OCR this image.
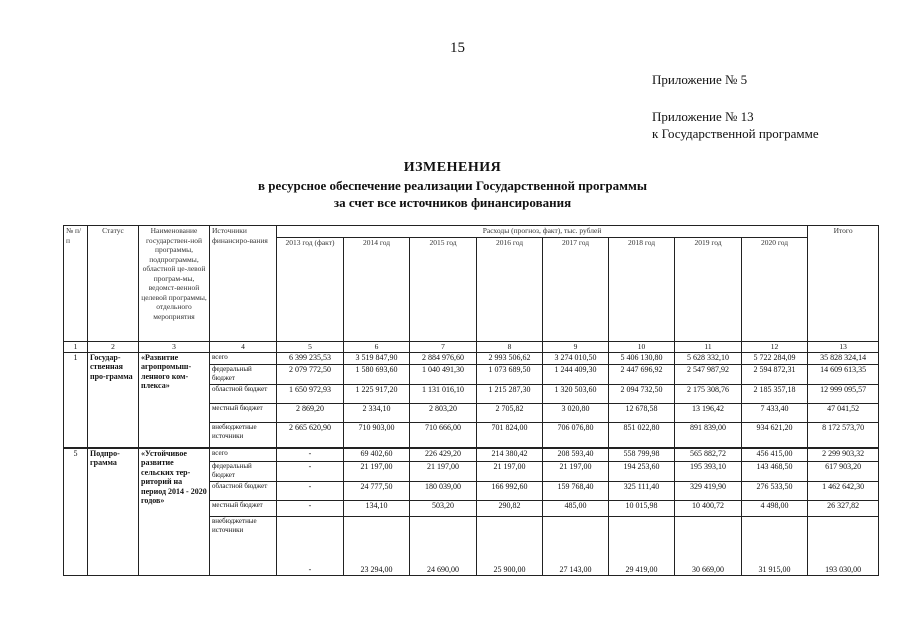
15
Приложение № 5
Приложение № 13
к Государственной программе
ИЗМЕНЕНИЯ
в ресурсное обеспечение реализации Государственной программы
за счет все источников финансирования
№ п/п	Статус	Наименование государствен-ной программы, подпрограммы, областной це-левой програм-мы, ведомст-венной целевой программы, отдельного мероприятия	Источники финансиро-вания	Расходы (прогноз, факт), тыс. рублей								Итого
				2013 год (факт)	2014 год	2015 год	2016 год	2017 год	2018 год	2019 год	2020 год	
1	2	3	4	5	6	7	8	9	10	11	12	13
1	Государ-ственная про-грамма	«Развитие агропромыш-ленного ком-плекса»	всего	6 399 235,53	3 519 847,90	2 884 976,60	2 993 506,62	3 274 010,50	5 406 130,80	5 628 332,10	5 722 284,09	35 828 324,14
			федеральный бюджет	2 079 772,50	1 580 693,60	1 040 491,30	1 073 689,50	1 244 409,30	2 447 696,92	2 547 987,92	2 594 872,31	14 609 613,35
			областной бюджет	1 650 972,93	1 225 917,20	1 131 016,10	1 215 287,30	1 320 503,60	2 094 732,50	2 175 308,76	2 185 357,18	12 999 095,57
			местный бюджет	2 869,20	2 334,10	2 803,20	2 705,82	3 020,80	12 678,58	13 196,42	7 433,40	47 041,52
			внебюджетные источники	2 665 620,90	710 903,00	710 666,00	701 824,00	706 076,80	851 022,80	891 839,00	934 621,20	8 172 573,70
5	Подпро-грамма	«Устойчивое развитие сельских тер-риторий на период 2014 - 2020 годов»	всего	-	69 402,60	226 429,20	214 380,42	208 593,40	558 799,98	565 882,72	456 415,00	2 299 903,32
			федеральный бюджет	-	21 197,00	21 197,00	21 197,00	21 197,00	194 253,60	195 393,10	143 468,50	617 903,20
			областной бюджет	-	24 777,50	180 039,00	166 992,60	159 768,40	325 111,40	329 419,90	276 533,50	1 462 642,30
			местный бюджет	-	134,10	503,20	290,82	485,00	10 015,98	10 400,72	4 498,00	26 327,82
			внебюджетные источники	-	23 294,00	24 690,00	25 900,00	27 143,00	29 419,00	30 669,00	31 915,00	193 030,00
